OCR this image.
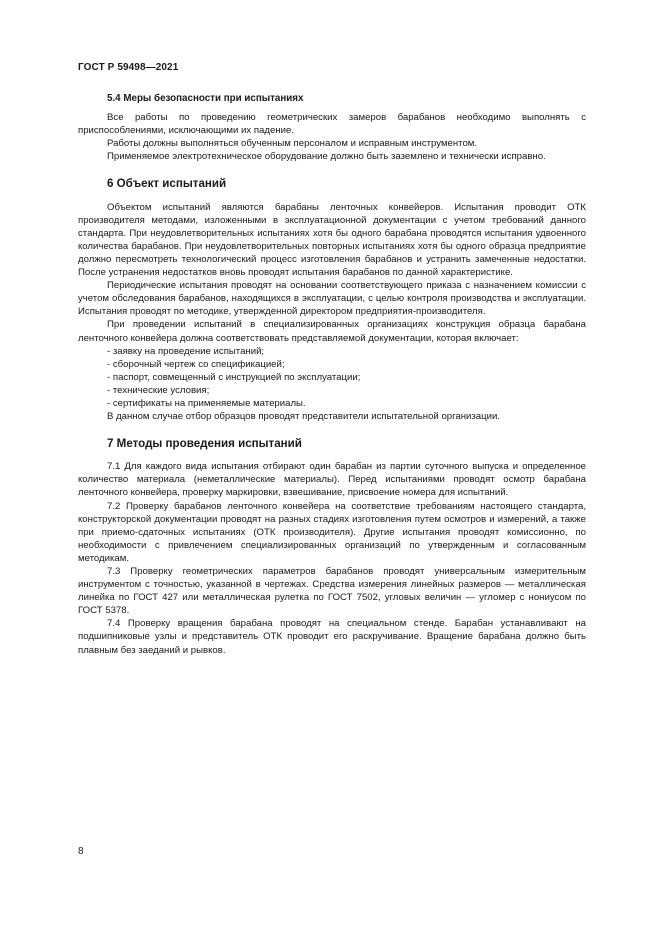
ГОСТ Р 59498—2021
5.4 Меры безопасности при испытаниях

Все работы по проведению геометрических замеров барабанов необходимо выполнять с приспособлениями, исключающими их падение.

Работы должны выполняться обученным персоналом и исправным инструментом.

Применяемое электротехническое оборудование должно быть заземлено и технически исправно.

6 Объект испытаний

Объектом испытаний являются барабаны ленточных конвейеров. Испытания проводит ОТК производителя методами, изложенными в эксплуатационной документации с учетом требований данного стандарта. При неудовлетворительных испытаниях хотя бы одного барабана проводятся испытания удвоенного количества барабанов. При неудовлетворительных повторных испытаниях хотя бы одного образца предприятие должно пересмотреть технологический процесс изготовления барабанов и устранить замеченные недостатки. После устранения недостатков вновь проводят испытания барабанов по данной характеристике.

Периодические испытания проводят на основании соответствующего приказа с назначением комиссии с учетом обследования барабанов, находящихся в эксплуатации, с целью контроля производства и эксплуатации. Испытания проводят по методике, утвержденной директором предприятия-производителя.

При проведении испытаний в специализированных организациях конструкция образца барабана ленточного конвейера должна соответствовать представляемой документации, которая включает:

- заявку на проведение испытаний;
- сборочный чертеж со спецификацией;
- паспорт, совмещенный с инструкцией по эксплуатации;
- технические условия;
- сертификаты на применяемые материалы.

В данном случае отбор образцов проводят представители испытательной организации.

7 Методы проведения испытаний

7.1 Для каждого вида испытания отбирают один барабан из партии суточного выпуска и определенное количество материала (неметаллические материалы). Перед испытаниями проводят осмотр барабана ленточного конвейера, проверку маркировки, взвешивание, присвоение номера для испытаний.

7.2 Проверку барабанов ленточного конвейера на соответствие требованиям настоящего стандарта, конструкторской документации проводят на разных стадиях изготовления путем осмотров и измерений, а также при приемо-сдаточных испытаниях (ОТК производителя). Другие испытания проводят комиссионно, по необходимости с привлечением специализированных организаций по утвержденным и согласованным методикам.

7.3 Проверку геометрических параметров барабанов проводят универсальным измерительным инструментом с точностью, указанной в чертежах. Средства измерения линейных размеров — металлическая линейка по ГОСТ 427 или металлическая рулетка по ГОСТ 7502, угловых величин — угломер с нониусом по ГОСТ 5378.

7.4 Проверку вращения барабана проводят на специальном стенде. Барабан устанавливают на подшипниковые узлы и представитель ОТК проводит его раскручивание. Вращение барабана должно быть плавным без заеданий и рывков.

8
